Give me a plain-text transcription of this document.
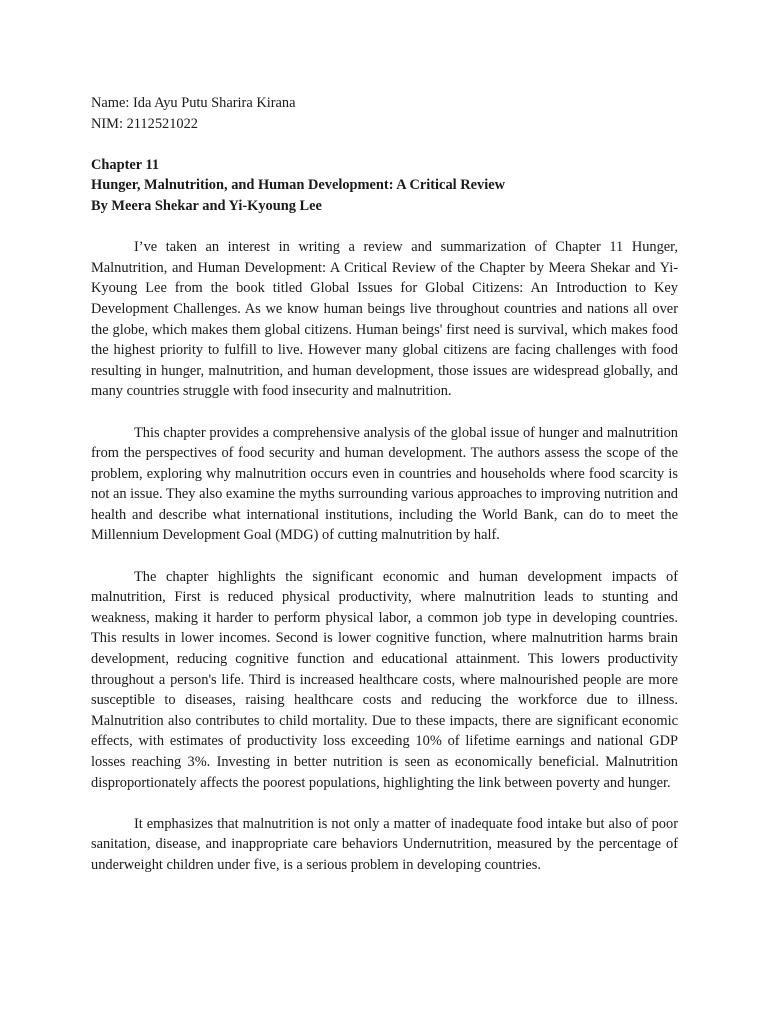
Name: Ida Ayu Putu Sharira Kirana

NIM: 2112521022

Chapter 11

Hunger, Malnutrition, and Human Development: A Critical Review

By Meera Shekar and Yi-Kyoung Lee

I’ve taken an interest in writing a review and summarization of Chapter 11 Hunger, Malnutrition, and Human Development: A Critical Review of the Chapter by Meera Shekar and Yi-Kyoung Lee from the book titled Global Issues for Global Citizens: An Introduction to Key Development Challenges. As we know human beings live throughout countries and nations all over the globe, which makes them global citizens. Human beings' first need is survival, which makes food the highest priority to fulfill to live. However many global citizens are facing challenges with food resulting in hunger, malnutrition, and human development, those issues are widespread globally, and many countries struggle with food insecurity and malnutrition.

This chapter provides a comprehensive analysis of the global issue of hunger and malnutrition from the perspectives of food security and human development. The authors assess the scope of the problem, exploring why malnutrition occurs even in countries and households where food scarcity is not an issue. They also examine the myths surrounding various approaches to improving nutrition and health and describe what international institutions, including the World Bank, can do to meet the Millennium Development Goal (MDG) of cutting malnutrition by half.

The chapter highlights the significant economic and human development impacts of malnutrition, First is reduced physical productivity, where malnutrition leads to stunting and weakness, making it harder to perform physical labor, a common job type in developing countries. This results in lower incomes. Second is lower cognitive function, where malnutrition harms brain development, reducing cognitive function and educational attainment. This lowers productivity throughout a person's life. Third is increased healthcare costs, where malnourished people are more susceptible to diseases, raising healthcare costs and reducing the workforce due to illness. Malnutrition also contributes to child mortality. Due to these impacts, there are significant economic effects, with estimates of productivity loss exceeding 10% of lifetime earnings and national GDP losses reaching 3%. Investing in better nutrition is seen as economically beneficial. Malnutrition disproportionately affects the poorest populations, highlighting the link between poverty and hunger.

It emphasizes that malnutrition is not only a matter of inadequate food intake but also of poor sanitation, disease, and inappropriate care behaviors Undernutrition, measured by the percentage of underweight children under five, is a serious problem in developing countries.
